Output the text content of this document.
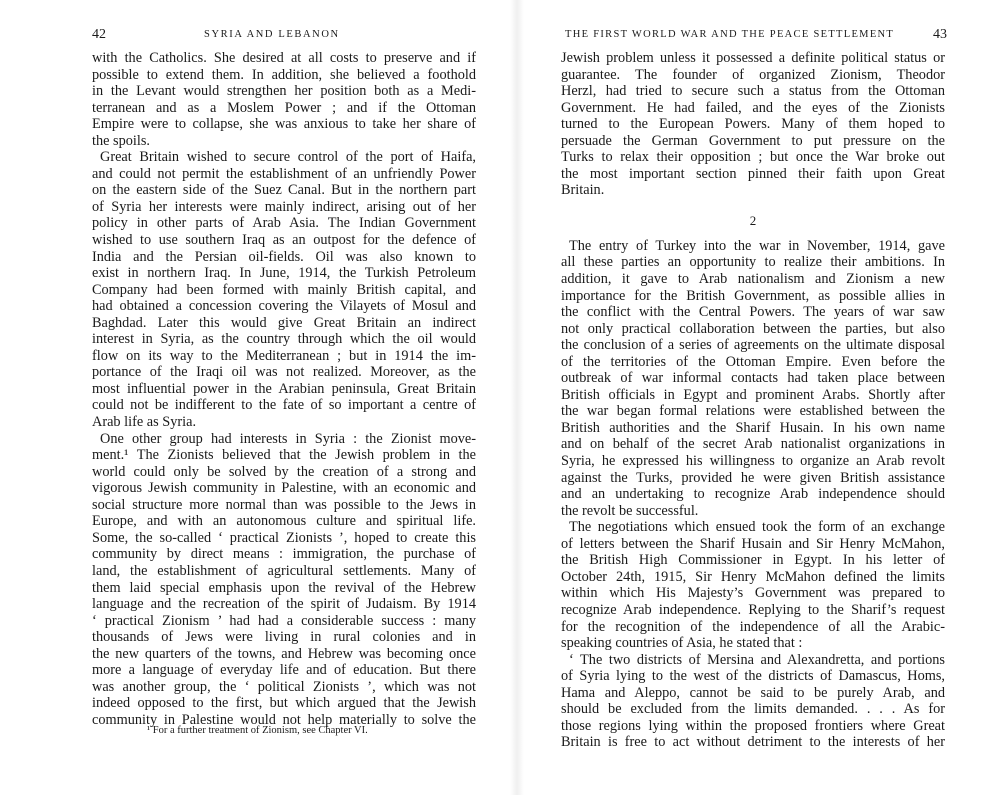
42	SYRIA AND LEBANON
with the Catholics. She desired at all costs to preserve and if
possible to extend them. In addition, she believed a foothold
in the Levant would strengthen her position both as a Medi-
terranean and as a Moslem Power ; and if the Ottoman
Empire were to collapse, she was anxious to take her share of
the spoils.
Great Britain wished to secure control of the port of Haifa,
and could not permit the establishment of an unfriendly Power
on the eastern side of the Suez Canal. But in the northern part
of Syria her interests were mainly indirect, arising out of her
policy in other parts of Arab Asia. The Indian Government
wished to use southern Iraq as an outpost for the defence of
India and the Persian oil-fields. Oil was also known to
exist in northern Iraq. In June, 1914, the Turkish Petroleum
Company had been formed with mainly British capital, and
had obtained a concession covering the Vilayets of Mosul and
Baghdad. Later this would give Great Britain an indirect
interest in Syria, as the country through which the oil would
flow on its way to the Mediterranean ; but in 1914 the im-
portance of the Iraqi oil was not realized. Moreover, as the
most influential power in the Arabian peninsula, Great Britain
could not be indifferent to the fate of so important a centre of
Arab life as Syria.
One other group had interests in Syria : the Zionist move-
ment.¹ The Zionists believed that the Jewish problem in the
world could only be solved by the creation of a strong and
vigorous Jewish community in Palestine, with an economic and
social structure more normal than was possible to the Jews in
Europe, and with an autonomous culture and spiritual life.
Some, the so-called ‘ practical Zionists ’, hoped to create this
community by direct means : immigration, the purchase of
land, the establishment of agricultural settlements. Many of
them laid special emphasis upon the revival of the Hebrew
language and the recreation of the spirit of Judaism. By 1914
‘ practical Zionism ’ had had a considerable success : many
thousands of Jews were living in rural colonies and in
the new quarters of the towns, and Hebrew was becoming once
more a language of everyday life and of education. But there
was another group, the ‘ political Zionists ’, which was not
indeed opposed to the first, but which argued that the Jewish
community in Palestine would not help materially to solve the
¹ For a further treatment of Zionism, see Chapter VI.
THE FIRST WORLD WAR AND THE PEACE SETTLEMENT	43
Jewish problem unless it possessed a definite political status or
guarantee. The founder of organized Zionism, Theodor
Herzl, had tried to secure such a status from the Ottoman
Government. He had failed, and the eyes of the Zionists
turned to the European Powers. Many of them hoped to
persuade the German Government to put pressure on the
Turks to relax their opposition ; but once the War broke out
the most important section pinned their faith upon Great
Britain.
2
The entry of Turkey into the war in November, 1914, gave
all these parties an opportunity to realize their ambitions. In
addition, it gave to Arab nationalism and Zionism a new
importance for the British Government, as possible allies in
the conflict with the Central Powers. The years of war saw
not only practical collaboration between the parties, but also
the conclusion of a series of agreements on the ultimate disposal
of the territories of the Ottoman Empire. Even before the
outbreak of war informal contacts had taken place between
British officials in Egypt and prominent Arabs. Shortly after
the war began formal relations were established between the
British authorities and the Sharif Husain. In his own name
and on behalf of the secret Arab nationalist organizations in
Syria, he expressed his willingness to organize an Arab revolt
against the Turks, provided he were given British assistance
and an undertaking to recognize Arab independence should
the revolt be successful.
The negotiations which ensued took the form of an exchange
of letters between the Sharif Husain and Sir Henry McMahon,
the British High Commissioner in Egypt. In his letter of
October 24th, 1915, Sir Henry McMahon defined the limits
within which His Majesty’s Government was prepared to
recognize Arab independence. Replying to the Sharif’s request
for the recognition of the independence of all the Arabic-
speaking countries of Asia, he stated that :
‘ The two districts of Mersina and Alexandretta, and portions
of Syria lying to the west of the districts of Damascus, Homs,
Hama and Aleppo, cannot be said to be purely Arab, and
should be excluded from the limits demanded. . . . As for
those regions lying within the proposed frontiers where Great
Britain is free to act without detriment to the interests of her
